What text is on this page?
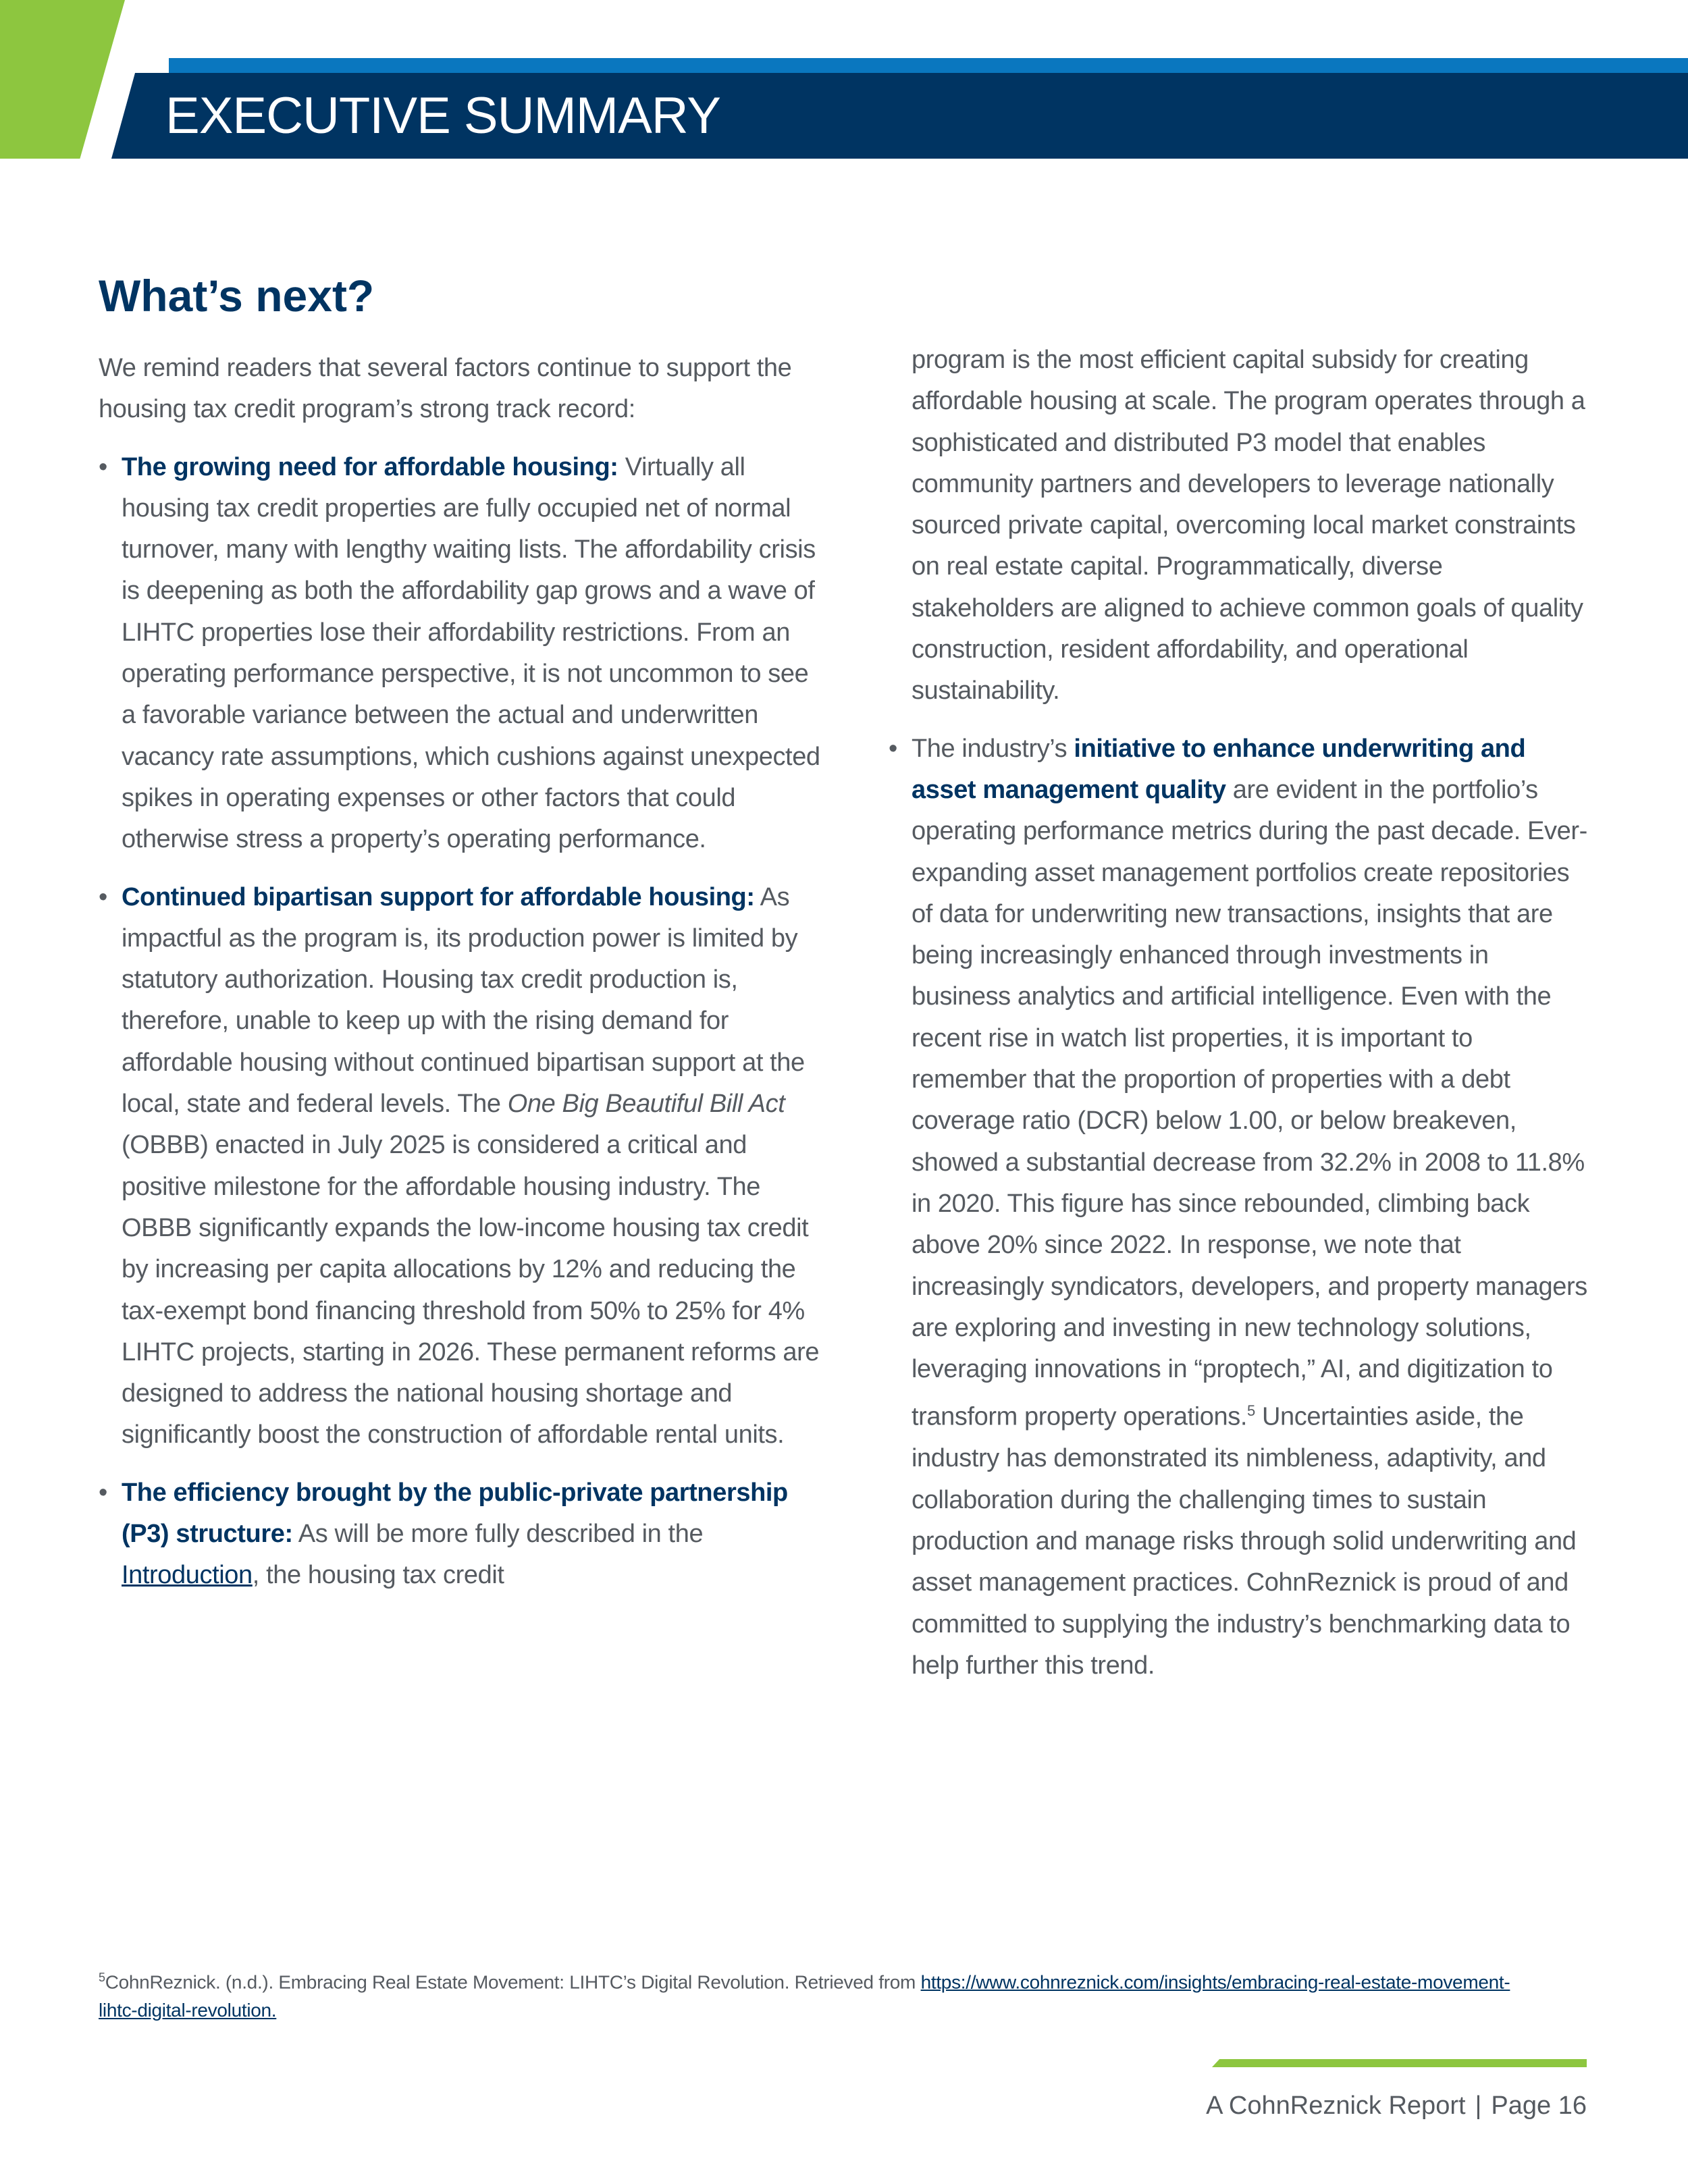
EXECUTIVE SUMMARY
What’s next?

We remind readers that several factors continue to support the housing tax credit program’s strong track record:

• The growing need for affordable housing: Virtually all housing tax credit properties are fully occupied net of normal turnover, many with lengthy waiting lists. The affordability crisis is deepening as both the affordability gap grows and a wave of LIHTC properties lose their affordability restrictions. From an operating performance perspective, it is not uncommon to see a favorable variance between the actual and underwritten vacancy rate assumptions, which cushions against unexpected spikes in operating expenses or other factors that could otherwise stress a property’s operating performance.
• Continued bipartisan support for affordable housing: As impactful as the program is, its production power is limited by statutory authorization. Housing tax credit production is, therefore, unable to keep up with the rising demand for affordable housing without continued bipartisan support at the local, state and federal levels. The One Big Beautiful Bill Act (OBBB) enacted in July 2025 is considered a critical and positive milestone for the affordable housing industry. The OBBB significantly expands the low-income housing tax credit by increasing per capita allocations by 12% and reducing the tax-exempt bond financing threshold from 50% to 25% for 4% LIHTC projects, starting in 2026. These permanent reforms are designed to address the national housing shortage and significantly boost the construction of affordable rental units.
• The efficiency brought by the public-private partnership (P3) structure: As will be more fully described in the Introduction, the housing tax credit
program is the most efficient capital subsidy for creating affordable housing at scale. The program operates through a sophisticated and distributed P3 model that enables community partners and developers to leverage nationally sourced private capital, overcoming local market constraints on real estate capital. Programmatically, diverse stakeholders are aligned to achieve common goals of quality construction, resident affordability, and operational sustainability.
• The industry’s initiative to enhance underwriting and asset management quality are evident in the portfolio’s operating performance metrics during the past decade. Ever-expanding asset management portfolios create repositories of data for underwriting new transactions, insights that are being increasingly enhanced through investments in business analytics and artificial intelligence. Even with the recent rise in watch list properties, it is important to remember that the proportion of properties with a debt coverage ratio (DCR) below 1.00, or below breakeven, showed a substantial decrease from 32.2% in 2008 to 11.8% in 2020. This figure has since rebounded, climbing back above 20% since 2022. In response, we note that increasingly syndicators, developers, and property managers are exploring and investing in new technology solutions, leveraging innovations in “proptech,” AI, and digitization to transform property operations.$^5$ Uncertainties aside, the industry has demonstrated its nimbleness, adaptivity, and collaboration during the challenging times to sustain production and manage risks through solid underwriting and asset management practices. CohnReznick is proud of and committed to supplying the industry’s benchmarking data to help further this trend.
$^5$CohnReznick. (n.d.). Embracing Real Estate Movement: LIHTC’s Digital Revolution. Retrieved from https://www.cohnreznick.com/insights/embracing-real-estate-movement-lihtc-digital-revolution.
A CohnReznick Report | Page 16
